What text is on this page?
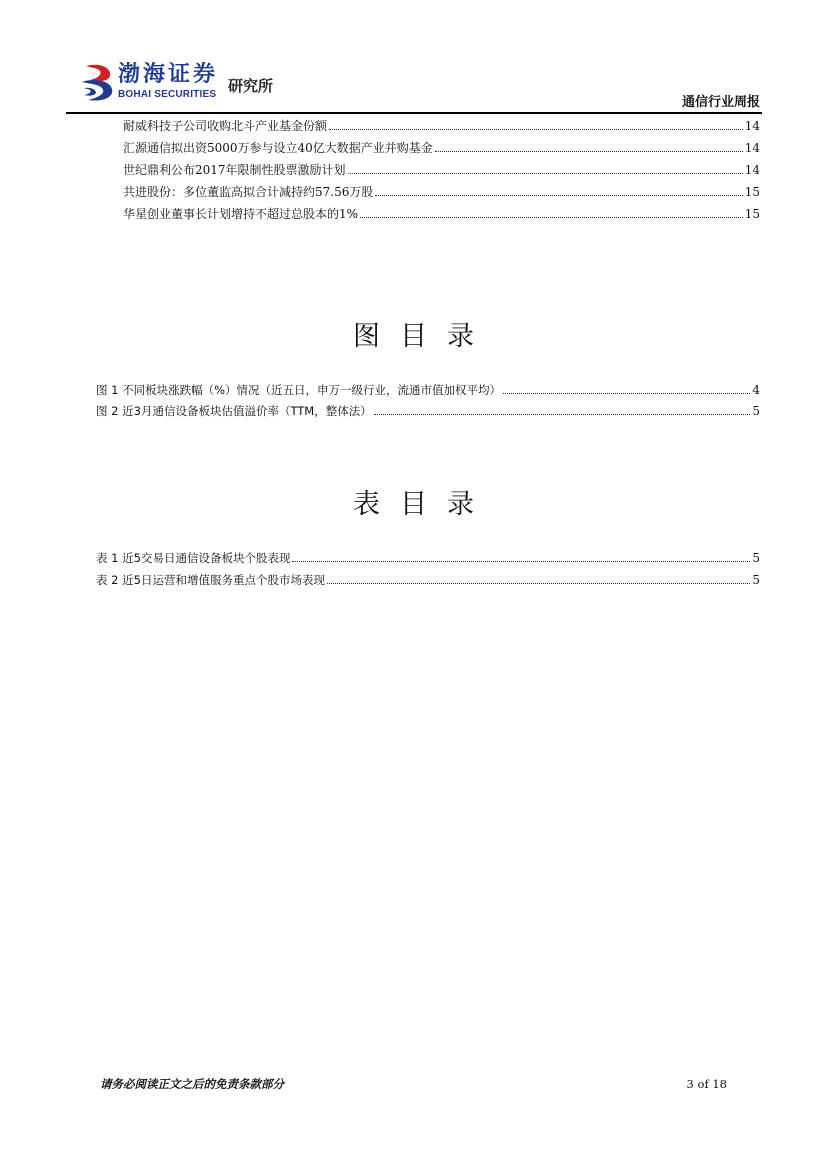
渤海证券
BOHAI SECURITIES 研究所
通信行业周报
耐威科技子公司收购北斗产业基金份额	14
汇源通信拟出资5000万参与设立40亿大数据产业并购基金	14
世纪鼎利公布2017年限制性股票激励计划	14
共进股份：多位董监高拟合计减持约57.56万股	15
华星创业董事长计划增持不超过总股本的1%	15
图目录
图 1 不同板块涨跌幅（%）情况（近五日，申万一级行业，流通市值加权平均）	4
图 2 近3月通信设备板块估值溢价率（TTM，整体法）	5
表目录
表 1 近5交易日通信设备板块个股表现	5
表 2 近5日运营和增值服务重点个股市场表现	5
请务必阅读正文之后的免责条款部分	3 of 18
